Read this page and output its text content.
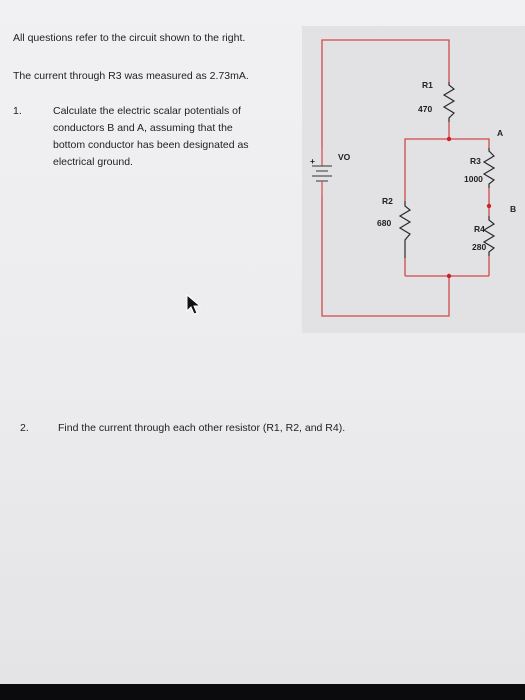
All questions refer to the circuit shown to the right.
The current through R3 was measured as 2.73mA.
1.	Calculate the electric scalar potentials of
conductors B and A, assuming that the
bottom conductor has been designated as
electrical ground.
2.	Find the current through each other resistor (R1, R2, and R4).
R1
470
A
+	VO	R3
1000
R2
680
B
R4
280
